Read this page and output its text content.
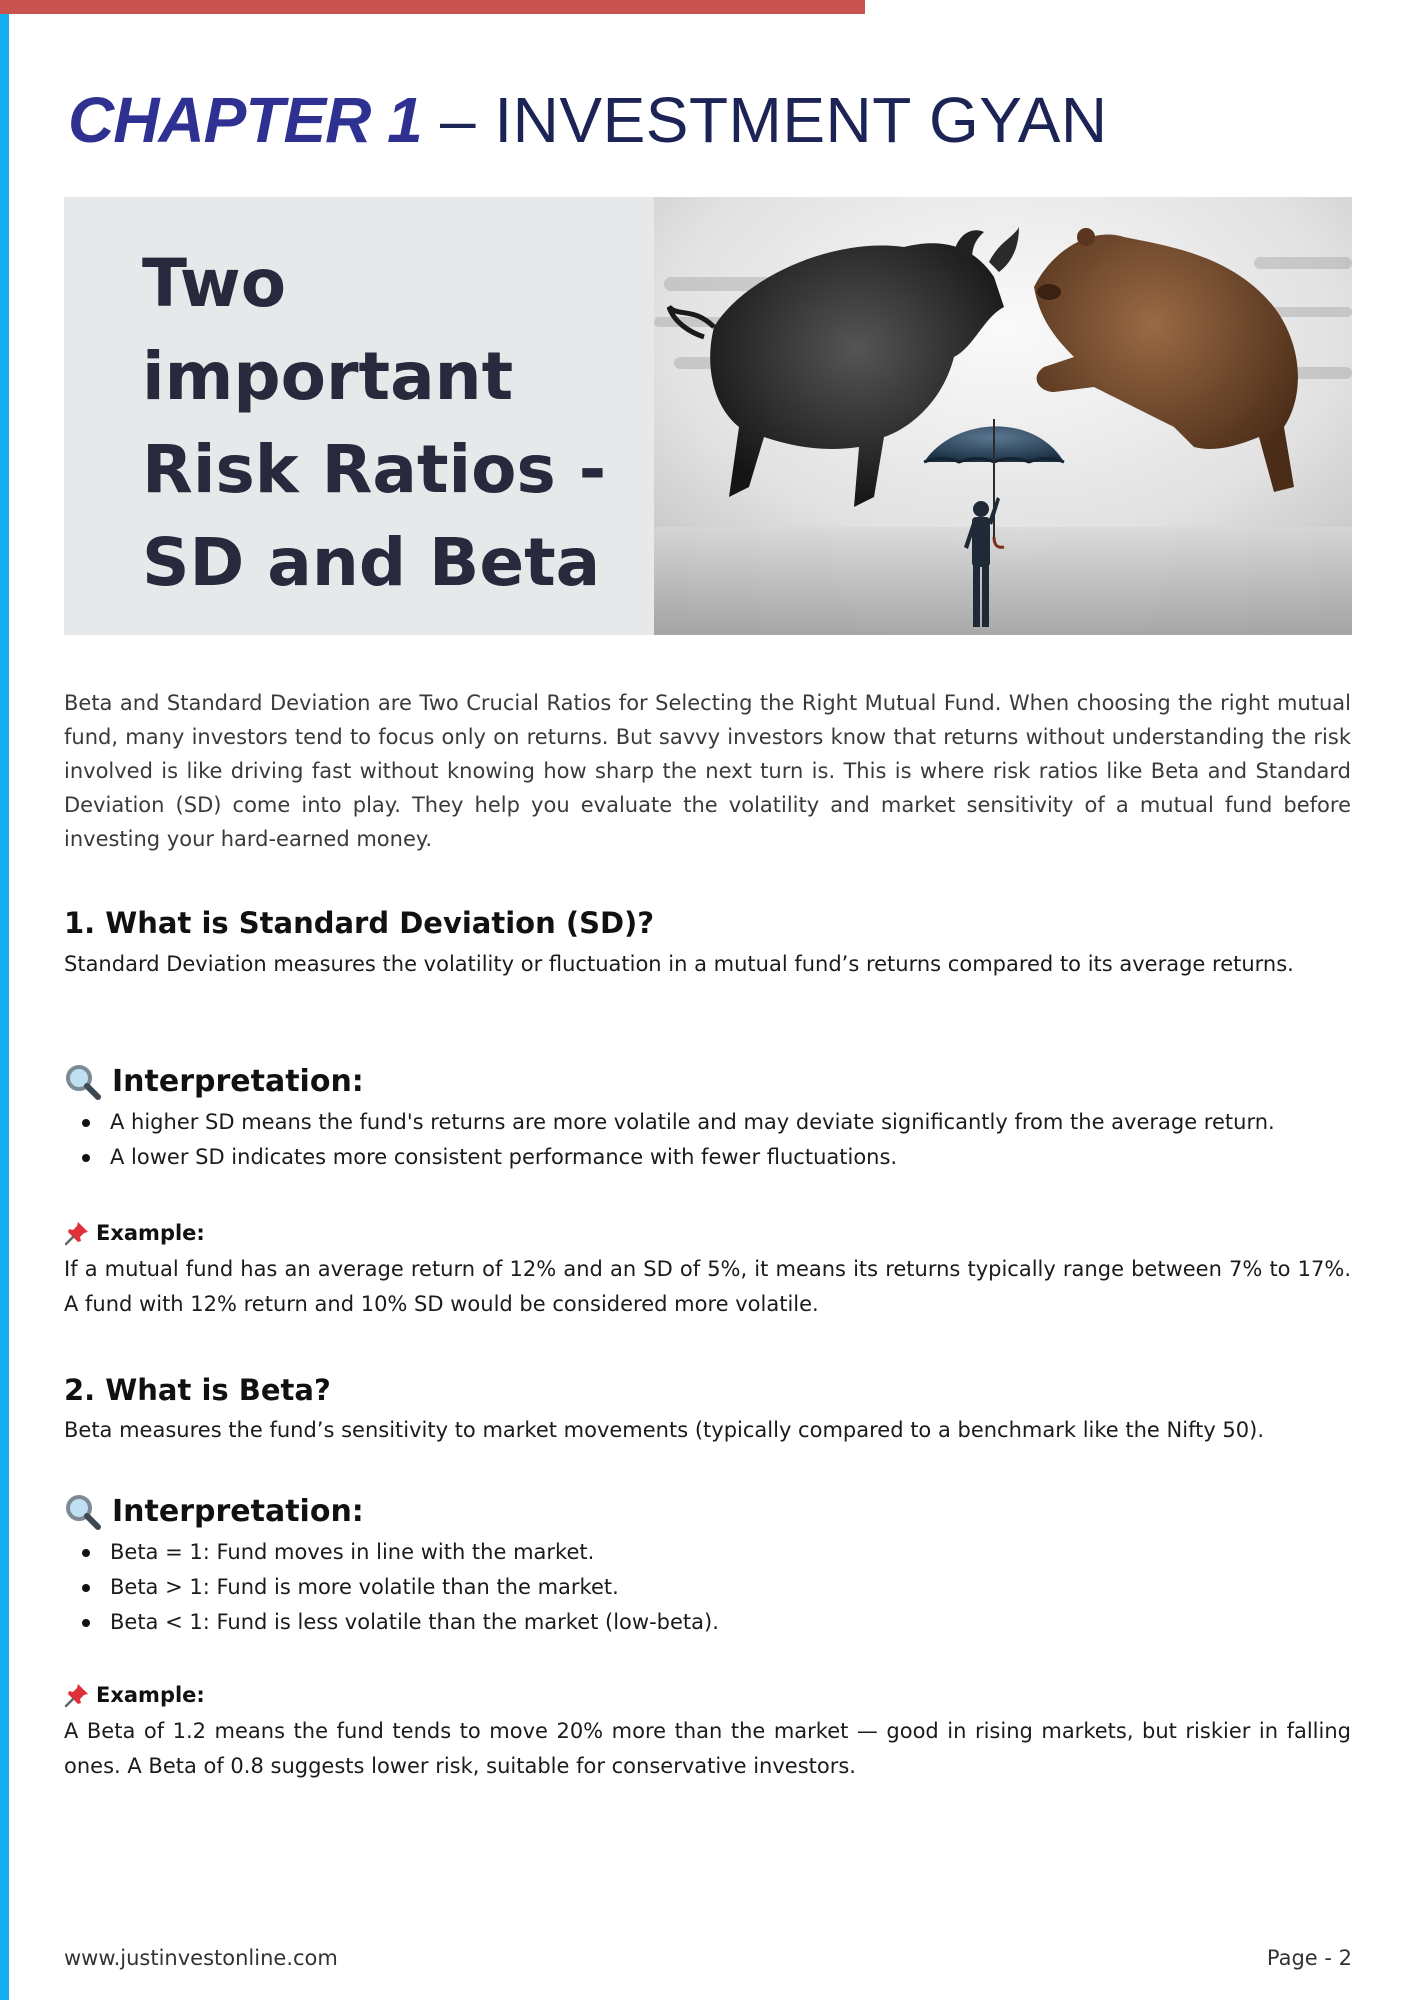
CHAPTER 1 – INVESTMENT GYAN
Two important Risk Ratios - SD and Beta

Beta and Standard Deviation are Two Crucial Ratios for Selecting the Right Mutual Fund. When choosing the right mutual fund, many investors tend to focus only on returns. But savvy investors know that returns without understanding the risk involved is like driving fast without knowing how sharp the next turn is. This is where risk ratios like Beta and Standard Deviation (SD) come into play. They help you evaluate the volatility and market sensitivity of a mutual fund before investing your hard-earned money.

1. What is Standard Deviation (SD)?

Standard Deviation measures the volatility or fluctuation in a mutual fund’s returns compared to its average returns.

Interpretation:
A higher SD means the fund's returns are more volatile and may deviate significantly from the average return.
A lower SD indicates more consistent performance with fewer fluctuations.
Example:

If a mutual fund has an average return of 12% and an SD of 5%, it means its returns typically range between 7% to 17%. A fund with 12% return and 10% SD would be considered more volatile.

2. What is Beta?

Beta measures the fund’s sensitivity to market movements (typically compared to a benchmark like the Nifty 50).

Interpretation:
Beta = 1: Fund moves in line with the market.
Beta > 1: Fund is more volatile than the market.
Beta < 1: Fund is less volatile than the market (low-beta).
Example:

A Beta of 1.2 means the fund tends to move 20% more than the market — good in rising markets, but riskier in falling ones. A Beta of 0.8 suggests lower risk, suitable for conservative investors.

www.justinvestonline.com	Page - 2
